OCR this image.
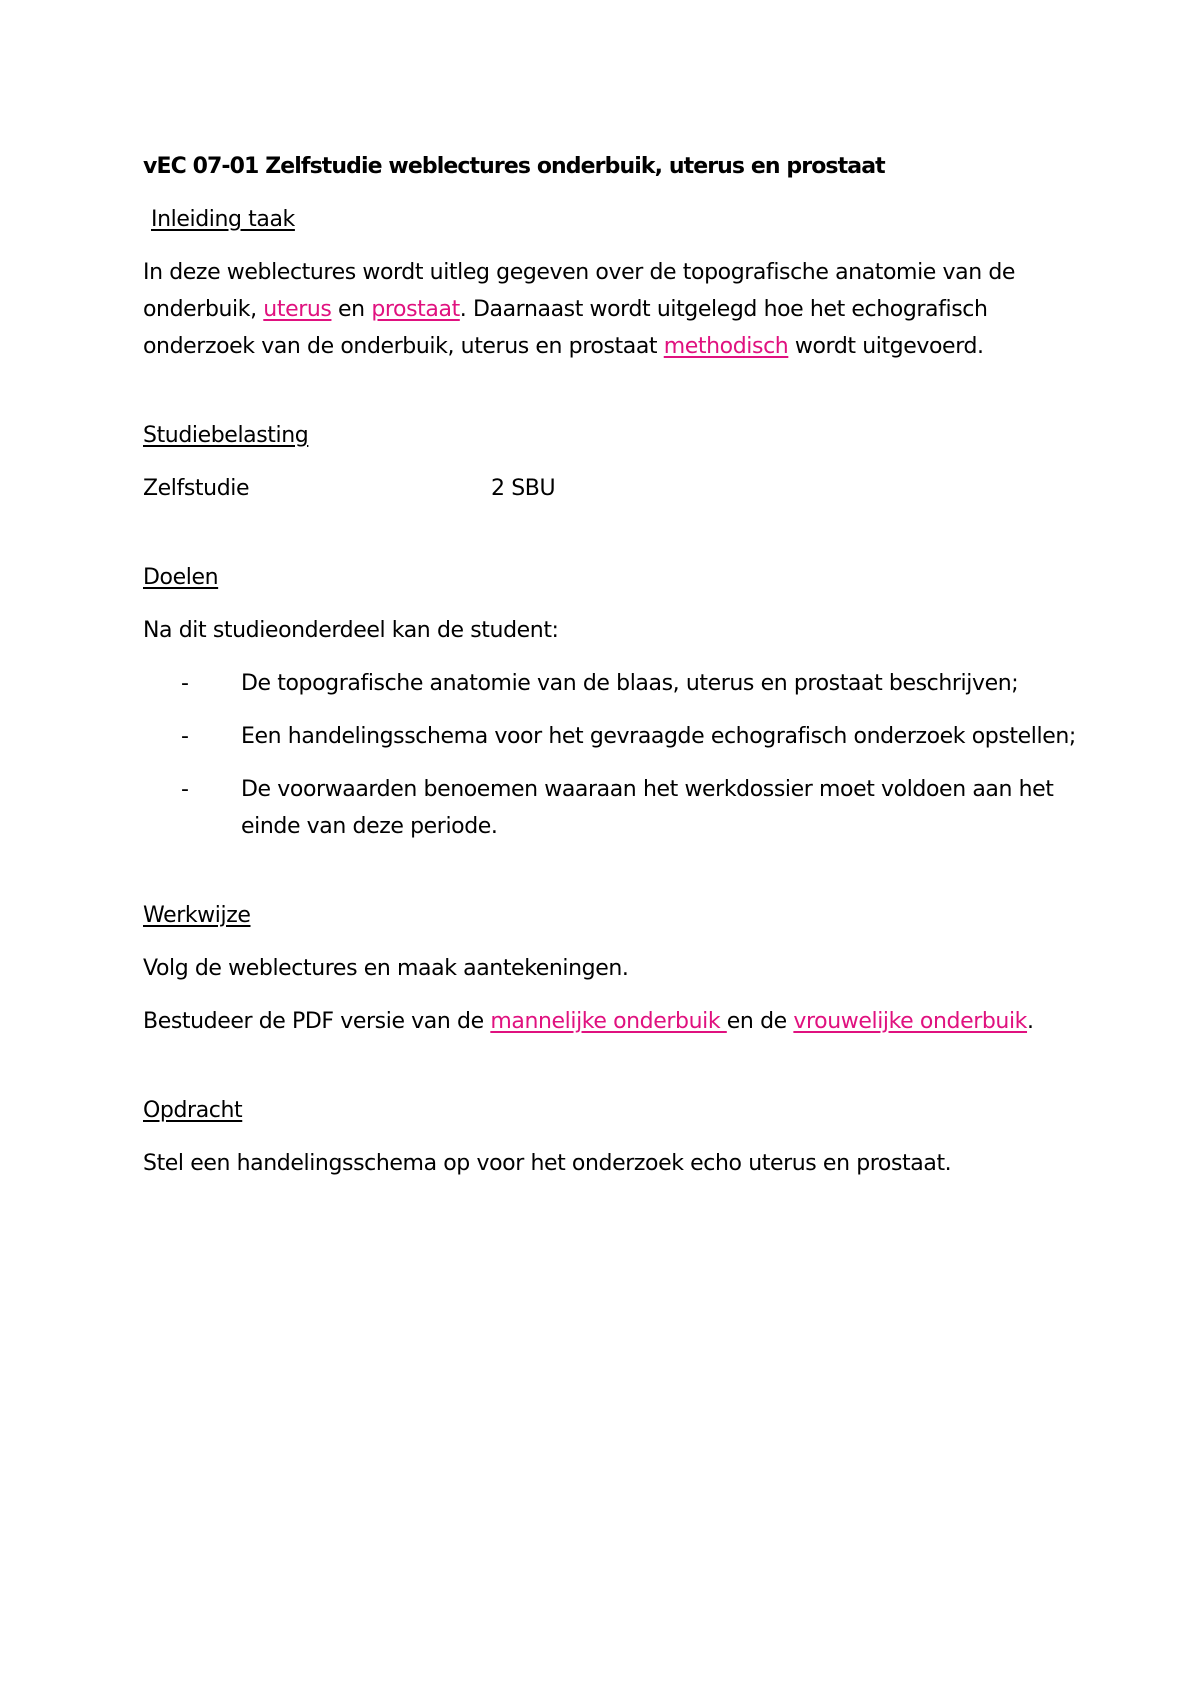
vEC 07-01 Zelfstudie weblectures onderbuik, uterus en prostaat
Inleiding taak
In deze weblectures wordt uitleg gegeven over de topografische anatomie van de onderbuik, uterus en prostaat. Daarnaast wordt uitgelegd hoe het echografisch onderzoek van de onderbuik, uterus en prostaat methodisch wordt uitgevoerd.
Studiebelasting
Zelfstudie	2 SBU
Doelen
Na dit studieonderdeel kan de student:
-	De topografische anatomie van de blaas, uterus en prostaat beschrijven;
-	Een handelingsschema voor het gevraagde echografisch onderzoek opstellen;
-	De voorwaarden benoemen waaraan het werkdossier moet voldoen aan het einde van deze periode.
Werkwijze
Volg de weblectures en maak aantekeningen.
Bestudeer de PDF versie van de mannelijke onderbuik en de vrouwelijke onderbuik.
Opdracht
Stel een handelingsschema op voor het onderzoek echo uterus en prostaat.
